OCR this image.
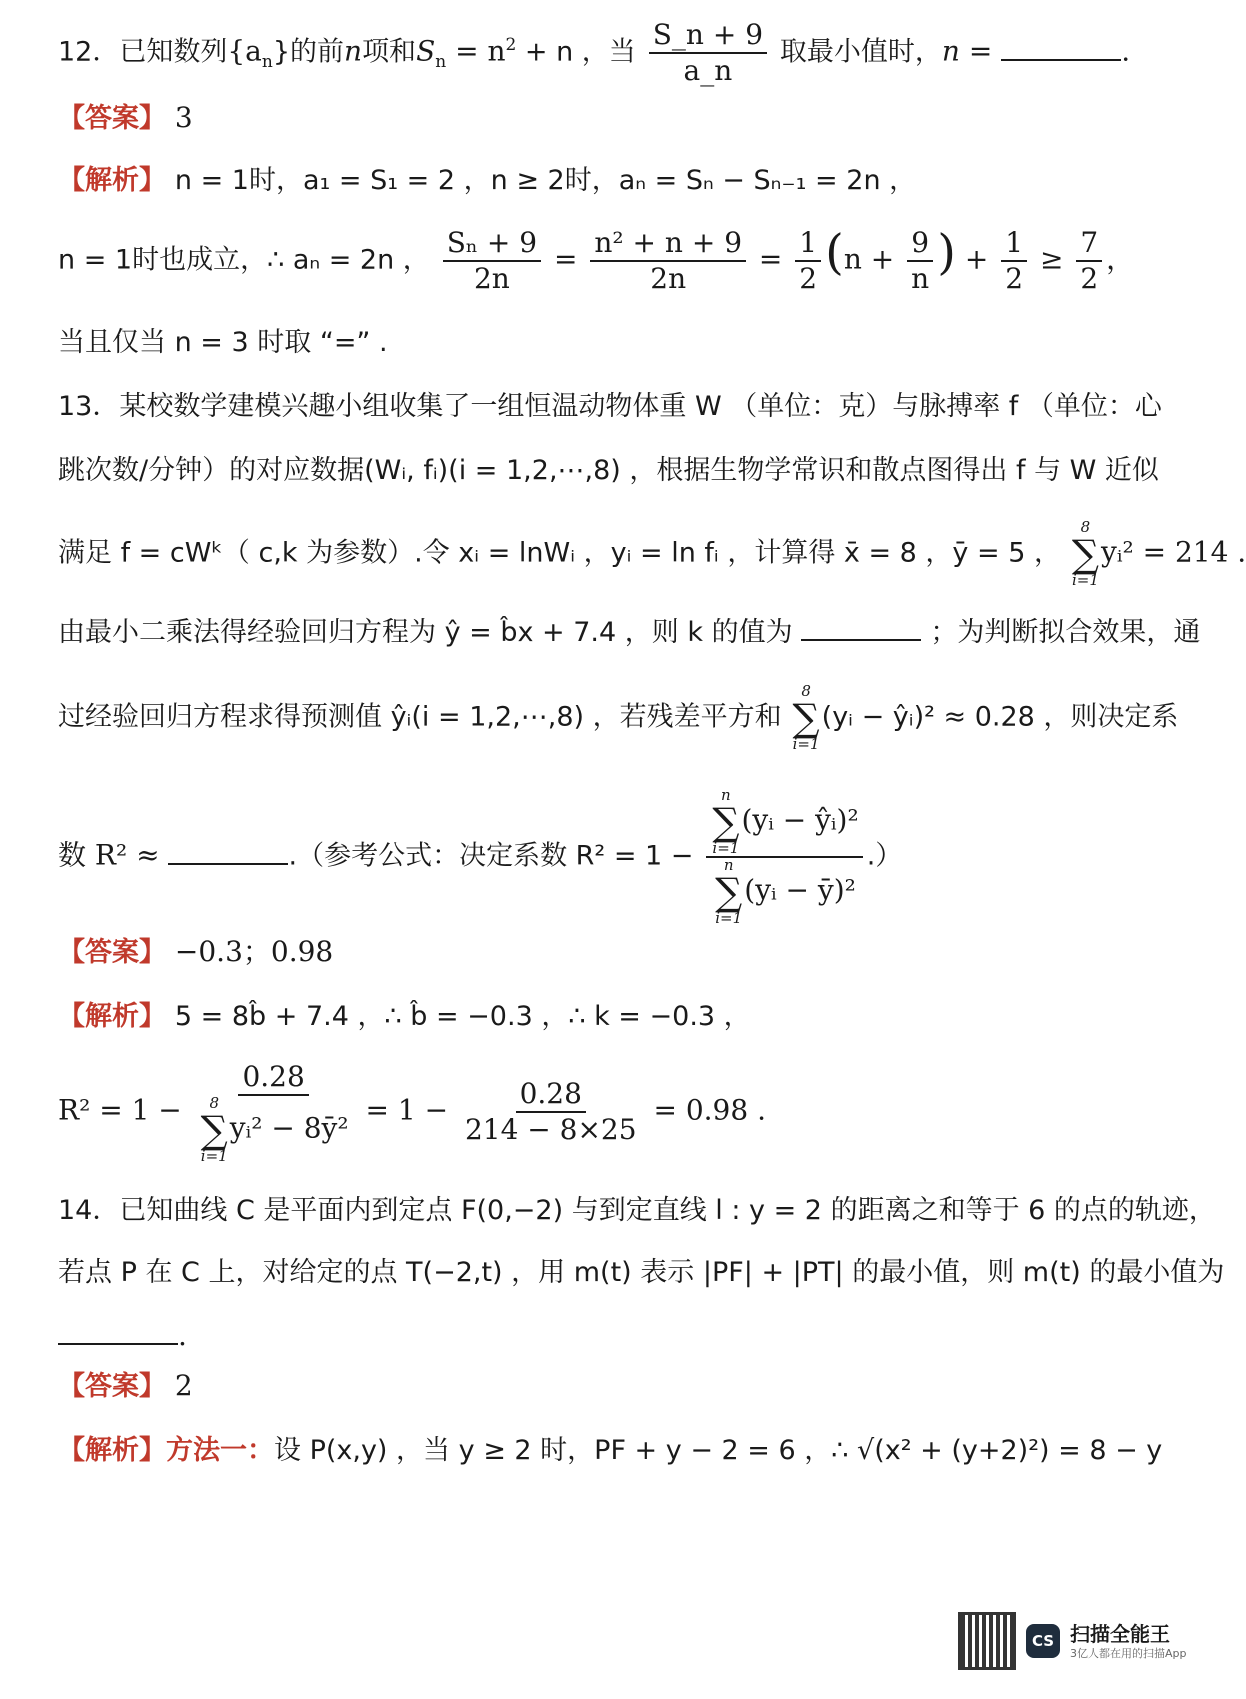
12．已知数列$\{a_n\}$的前n项和$S_n = n^2 + n$ ，当 $\frac{S\_n + 9}{a\_n}$ 取最小值时，n =	.
【答案】 3
【解析】 n = 1时，a₁ = S₁ = 2 ，n ≥ 2时，aₙ = Sₙ − Sₙ₋₁ = 2n ，
n = 1时也成立，∴ aₙ = 2n ， $\frac{\text{Sₙ + 9}}{2n} = \frac{\text{n² + n + 9}}{2n} = \frac{1}{2} (n + \frac{9}{n}$ ) + $\frac{1}{2} \ge \frac{7}{2}$ ，
当且仅当 n = 3 时取 “=” .
13．某校数学建模兴趣小组收集了一组恒温动物体重 W （单位：克）与脉搏率 f （单位：心
跳次数/分钟）的对应数据(Wᵢ, fᵢ)(i = 1,2,⋯,8) ，根据生物学常识和散点图得出 f 与 W 近似
满足 f = cWᵏ（ c,k 为参数）.令 xᵢ = lnWᵢ ，yᵢ = ln fᵢ ，计算得 x̄ = 8 ，ȳ = 5 ，
8
∑
i=1
yᵢ² = 214 .
由最小二乘法得经验回归方程为 ŷ = b̂x + 7.4 ，则 k 的值为	；为判断拟合效果，通
过经验回归方程求得预测值 ŷᵢ(i = 1,2,⋯,8) ，若残差平方和
8
∑
i=1
(yᵢ − ŷᵢ)² ≈ 0.28 ，则决定系
数 R² ≈	.（参考公式：决定系数 R² = 1 − n
∑
i=1
(yᵢ − ŷᵢ)²
n
∑
i=1
(yᵢ − ȳ)² .）
【答案】 −0.3；0.98
【解析】 5 = 8b̂ + 7.4 ，∴ b̂ = −0.3 ，∴ k = −0.3 ，
R² = 1 − 0.28
8
∑
i=1
yᵢ² − 8ȳ² = $1 - \frac{0.28}{214 - 8\times 25} = 0.98$ .
14．已知曲线 C 是平面内到定点 F(0,−2) 与到定直线 l : y = 2 的距离之和等于 6 的点的轨迹，
若点 P 在 C 上，对给定的点 T(−2,t) ，用 m(t) 表示 |PF| + |PT| 的最小值，则 m(t) 的最小值为
.
【答案】 2
【解析】方法一：设 P(x,y) ，当 y ≥ 2 时，PF + y − 2 = 6 ，∴ √(x² + (y+2)²) = 8 − y
CS 扫描全能王
3亿人都在用的扫描App
